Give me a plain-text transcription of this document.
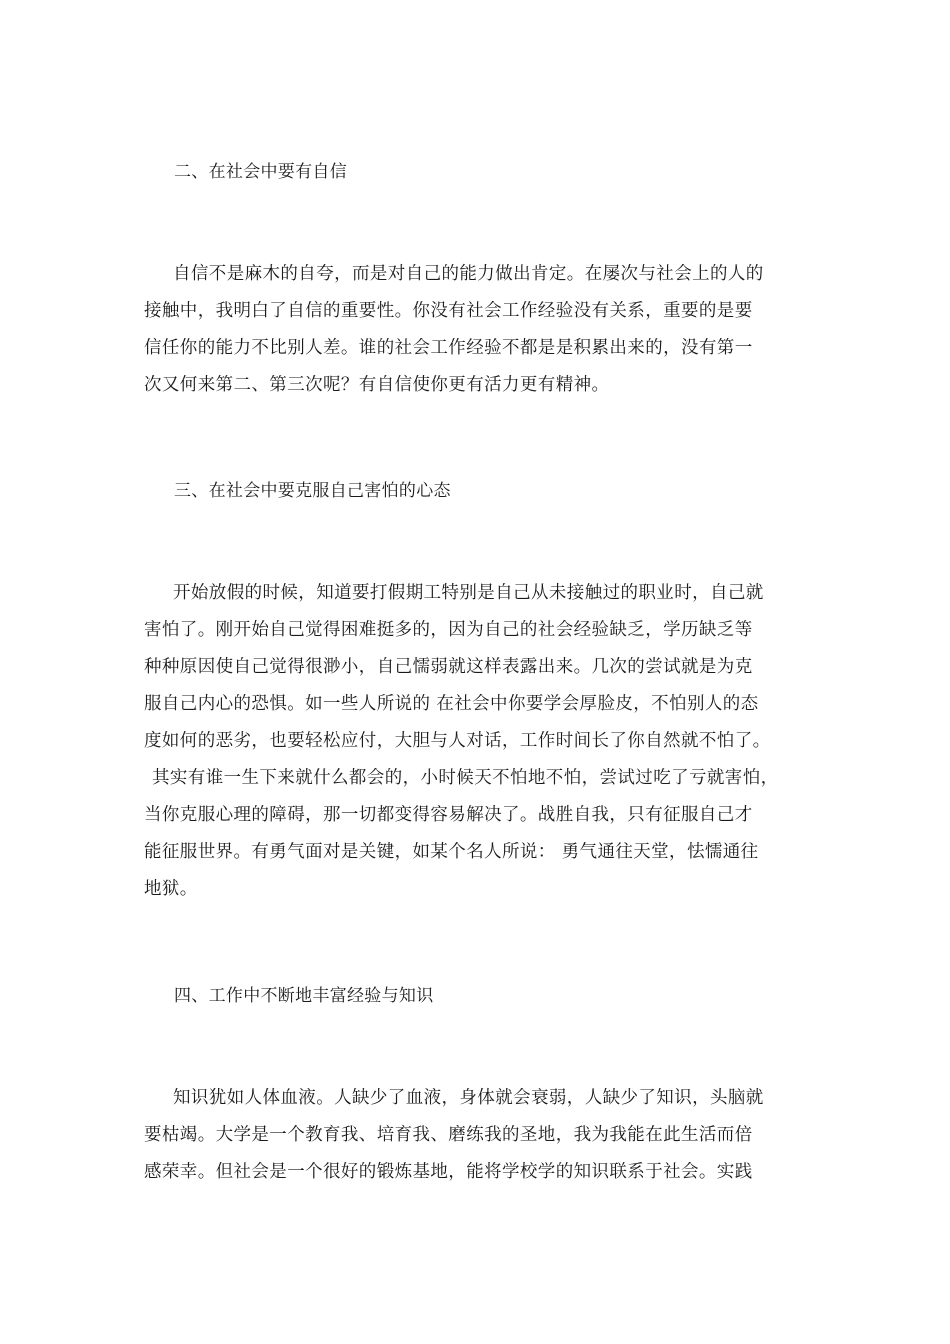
二、在社会中要有自信
自信不是麻木的自夸，而是对自己的能力做出肯定。在屡次与社会上的人的
接触中，我明白了自信的重要性。你没有社会工作经验没有关系，重要的是要
信任你的能力不比别人差。谁的社会工作经验不都是是积累出来的，没有第一
次又何来第二、第三次呢？有自信使你更有活力更有精神。
三、在社会中要克服自己害怕的心态
开始放假的时候，知道要打假期工特别是自己从未接触过的职业时，自己就
害怕了。刚开始自己觉得困难挺多的，因为自己的社会经验缺乏，学历缺乏等
种种原因使自己觉得很渺小，自己懦弱就这样表露出来。几次的尝试就是为克
服自己内心的恐惧。如一些人所说的 在社会中你要学会厚脸皮，不怕别人的态
度如何的恶劣，也要轻松应付，大胆与人对话，工作时间长了你自然就不怕了。
其实有谁一生下来就什么都会的，小时候天不怕地不怕，尝试过吃了亏就害怕，
当你克服心理的障碍，那一切都变得容易解决了。战胜自我，只有征服自己才
能征服世界。有勇气面对是关键，如某个名人所说： 勇气通往天堂，怯懦通往
地狱。
四、工作中不断地丰富经验与知识
知识犹如人体血液。人缺少了血液，身体就会衰弱，人缺少了知识，头脑就
要枯竭。大学是一个教育我、培育我、磨练我的圣地，我为我能在此生活而倍
感荣幸。但社会是一个很好的锻炼基地，能将学校学的知识联系于社会。实践
